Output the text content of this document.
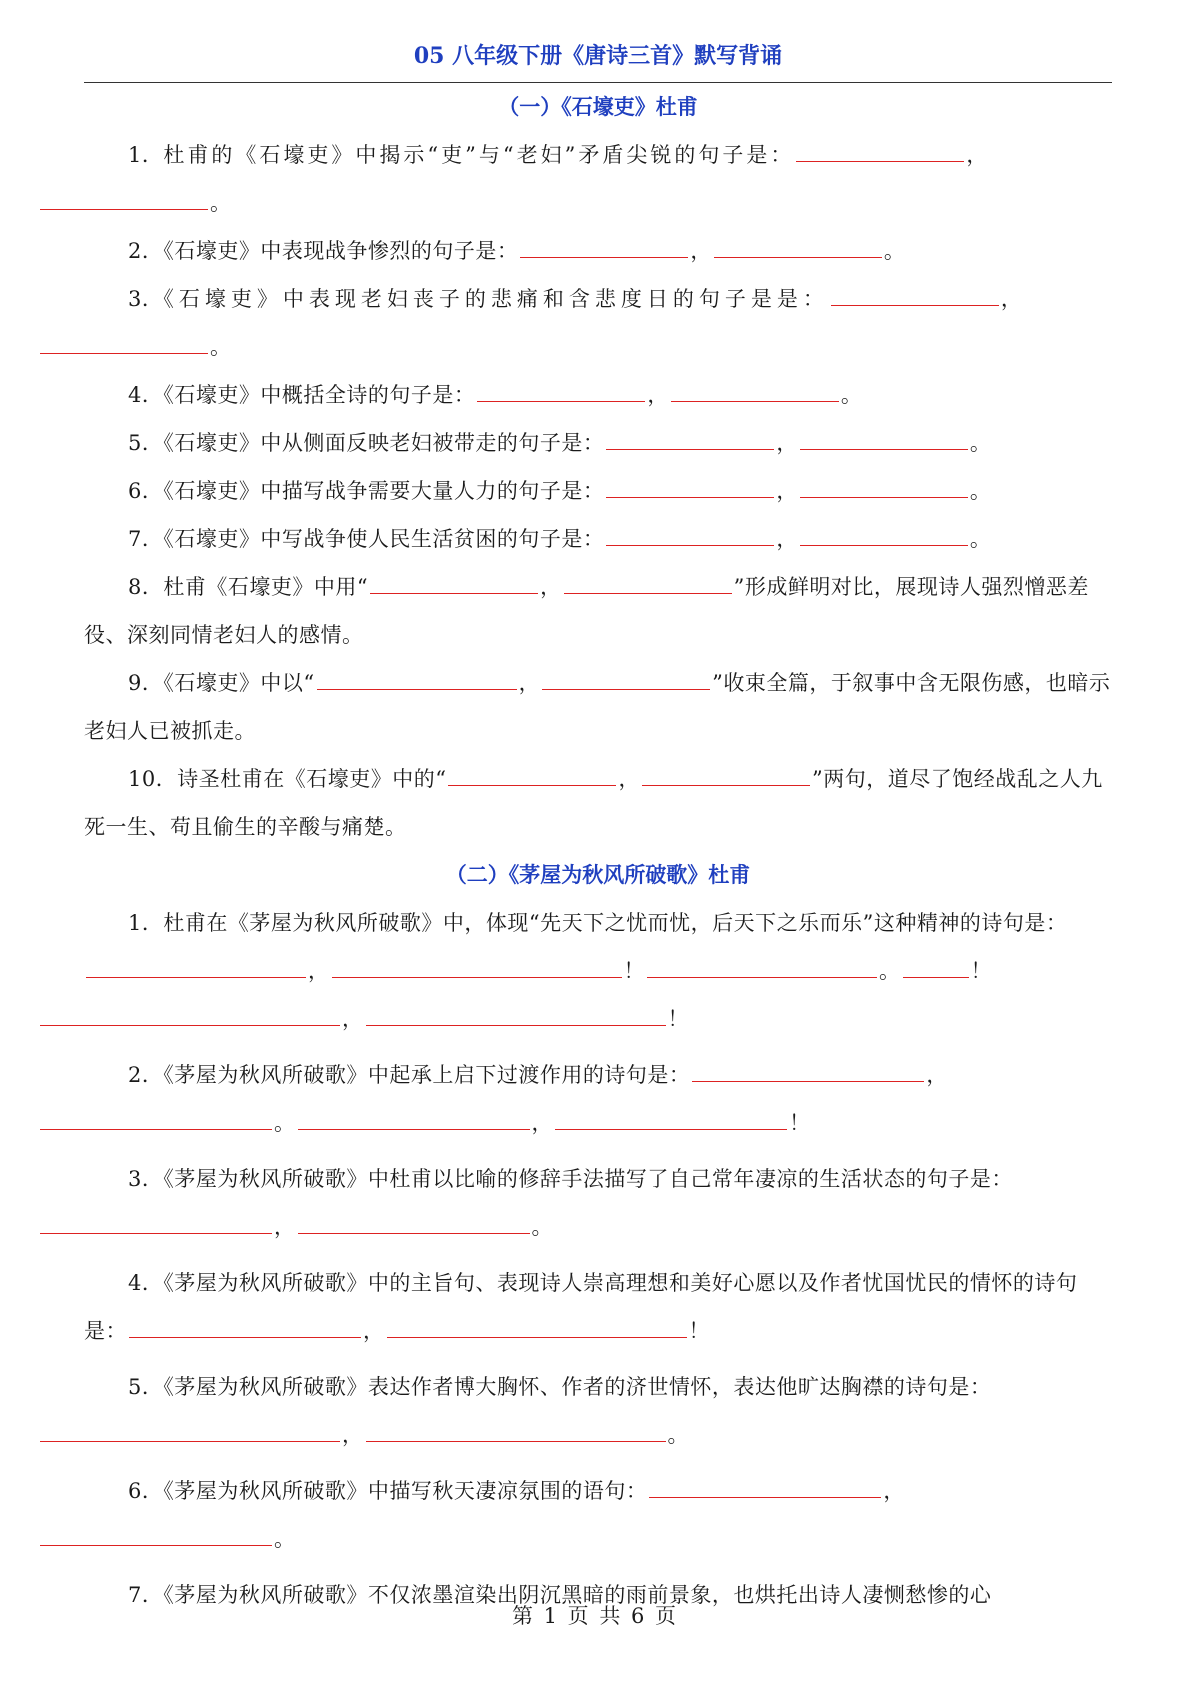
05 八年级下册《唐诗三首》默写背诵
（一）《石壕吏》杜甫

1．杜甫的《石壕吏》中揭示“吏”与“老妇”矛盾尖锐的句子是：	，
。

2．《石壕吏》中表现战争惨烈的句子是：	，	。

3．《石壕吏》中表现老妇丧子的悲痛和含悲度日的句子是是：	，
。

4．《石壕吏》中概括全诗的句子是：	，	。

5．《石壕吏》中从侧面反映老妇被带走的句子是：	，	。

6．《石壕吏》中描写战争需要大量人力的句子是：	，	。

7．《石壕吏》中写战争使人民生活贫困的句子是：	，	。

8．杜甫《石壕吏》中用“	，	”形成鲜明对比，展现诗人强烈憎恶差役、深刻同情老妇人的感情。

9．《石壕吏》中以“	，	”收束全篇，于叙事中含无限伤感，也暗示老妇人已被抓走。

10．诗圣杜甫在《石壕吏》中的“	，	”两句，道尽了饱经战乱之人九死一生、苟且偷生的辛酸与痛楚。

（二）《茅屋为秋风所破歌》杜甫

1．杜甫在《茅屋为秋风所破歌》中，体现“先天下之忧而忧，后天下之乐而乐”这种精神的诗句是：，	！	。	！
，	！

2．《茅屋为秋风所破歌》中起承上启下过渡作用的诗句是：	，
。	，	！

3．《茅屋为秋风所破歌》中杜甫以比喻的修辞手法描写了自己常年凄凉的生活状态的句子是：
，	。

4．《茅屋为秋风所破歌》中的主旨句、表现诗人崇高理想和美好心愿以及作者忧国忧民的情怀的诗句是：	，	！

5．《茅屋为秋风所破歌》表达作者博大胸怀、作者的济世情怀，表达他旷达胸襟的诗句是：
，	。

6．《茅屋为秋风所破歌》中描写秋天凄凉氛围的语句：	，
。

7．《茅屋为秋风所破歌》不仅浓墨渲染出阴沉黑暗的雨前景象，也烘托出诗人凄恻愁惨的心

第 1 页 共 6 页
